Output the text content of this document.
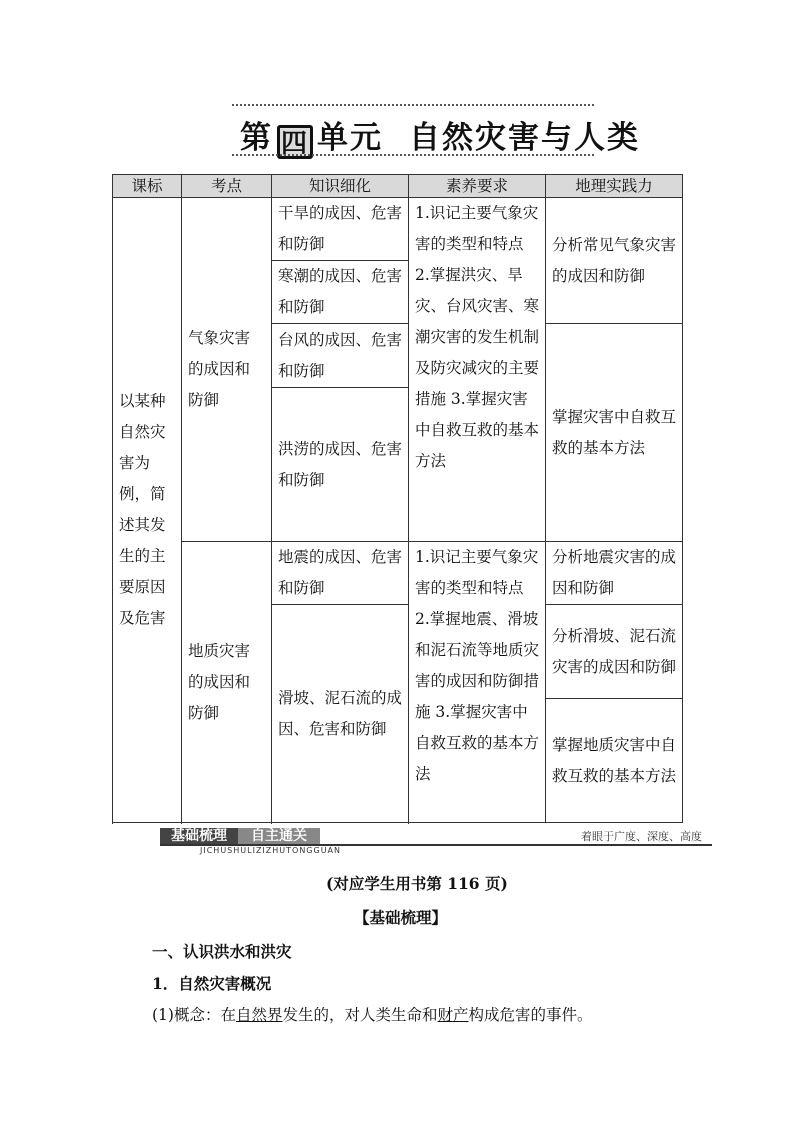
第 四 单元 自然灾害与人类
课标	考点	知识细化	素养要求	地理实践力
以某种自然灾害为例，简述其发生的主要原因及危害	气象灾害的成因和防御	干旱的成因、危害和防御	1.识记主要气象灾害的类型和特点 2.掌握洪灾、旱灾、台风灾害、寒潮灾害的发生机制及防灾减灾的主要措施 3.掌握灾害中自救互救的基本方法	分析常见气象灾害的成因和防御

		寒潮的成因、危害和防御		
		台风的成因、危害和防御		掌握灾害中自救互救的基本方法
		洪涝的成因、危害和防御		

	地质灾害的成因和防御	地震的成因、危害和防御	1.识记主要气象灾害的类型和特点 2.掌握地震、滑坡和泥石流等地质灾害的成因和防御措施 3.掌握灾害中自救互救的基本方法	分析地震灾害的成因和防御
		滑坡、泥石流的成因、危害和防御		分析滑坡、泥石流灾害的成因和防御
				掌握地质灾害中自救互救的基本方法

基础梳理	自主通关
JICHUSHULIZIZHUTONGGUAN
着眼于广度、深度、高度
(对应学生用书第 116 页)
【基础梳理】
一、认识洪水和洪灾
1．自然灾害概况
(1)概念：在自然界发生的，对人类生命和财产构成危害的事件。
